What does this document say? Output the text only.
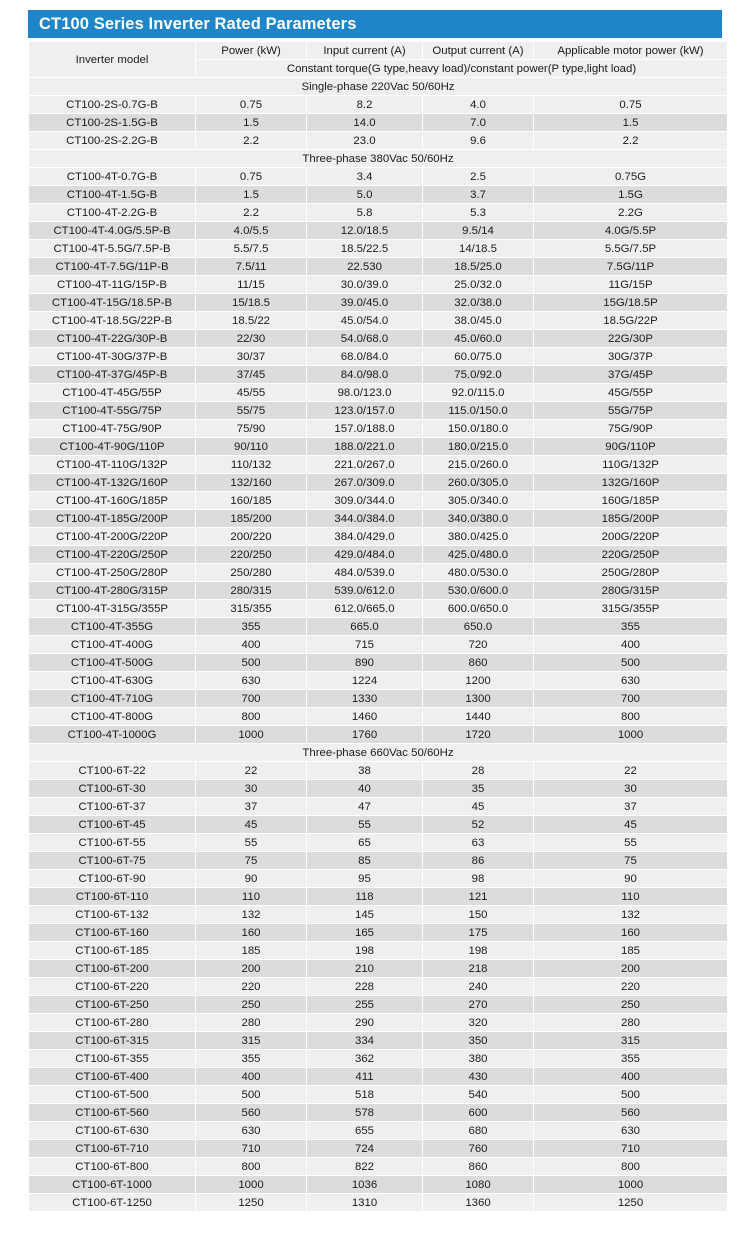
CT100 Series Inverter Rated Parameters
Inverter model	Power (kW)	Input current (A)	Output current (A)	Applicable motor power (kW)
	Constant torque(G type,heavy load)/constant power(P type,light load)			
Single-phase 220Vac 50/60Hz				
CT100-2S-0.7G-B	0.75	8.2	4.0	0.75
CT100-2S-1.5G-B	1.5	14.0	7.0	1.5
CT100-2S-2.2G-B	2.2	23.0	9.6	2.2
Three-phase 380Vac 50/60Hz				
CT100-4T-0.7G-B	0.75	3.4	2.5	0.75G
CT100-4T-1.5G-B	1.5	5.0	3.7	1.5G
CT100-4T-2.2G-B	2.2	5.8	5.3	2.2G
CT100-4T-4.0G/5.5P-B	4.0/5.5	12.0/18.5	9.5/14	4.0G/5.5P
CT100-4T-5.5G/7.5P-B	5.5/7.5	18.5/22.5	14/18.5	5.5G/7.5P
CT100-4T-7.5G/11P-B	7.5/11	22.530	18.5/25.0	7.5G/11P
CT100-4T-11G/15P-B	11/15	30.0/39.0	25.0/32.0	11G/15P
CT100-4T-15G/18.5P-B	15/18.5	39.0/45.0	32.0/38.0	15G/18.5P
CT100-4T-18.5G/22P-B	18.5/22	45.0/54.0	38.0/45.0	18.5G/22P
CT100-4T-22G/30P-B	22/30	54.0/68.0	45.0/60.0	22G/30P
CT100-4T-30G/37P-B	30/37	68.0/84.0	60.0/75.0	30G/37P
CT100-4T-37G/45P-B	37/45	84.0/98.0	75.0/92.0	37G/45P
CT100-4T-45G/55P	45/55	98.0/123.0	92.0/115.0	45G/55P
CT100-4T-55G/75P	55/75	123.0/157.0	115.0/150.0	55G/75P
CT100-4T-75G/90P	75/90	157.0/188.0	150.0/180.0	75G/90P
CT100-4T-90G/110P	90/110	188.0/221.0	180.0/215.0	90G/110P
CT100-4T-110G/132P	110/132	221.0/267.0	215.0/260.0	110G/132P
CT100-4T-132G/160P	132/160	267.0/309.0	260.0/305.0	132G/160P
CT100-4T-160G/185P	160/185	309.0/344.0	305.0/340.0	160G/185P
CT100-4T-185G/200P	185/200	344.0/384.0	340.0/380.0	185G/200P
CT100-4T-200G/220P	200/220	384.0/429.0	380.0/425.0	200G/220P
CT100-4T-220G/250P	220/250	429.0/484.0	425.0/480.0	220G/250P
CT100-4T-250G/280P	250/280	484.0/539.0	480.0/530.0	250G/280P
CT100-4T-280G/315P	280/315	539.0/612.0	530.0/600.0	280G/315P
CT100-4T-315G/355P	315/355	612.0/665.0	600.0/650.0	315G/355P
CT100-4T-355G	355	665.0	650.0	355
CT100-4T-400G	400	715	720	400
CT100-4T-500G	500	890	860	500
CT100-4T-630G	630	1224	1200	630
CT100-4T-710G	700	1330	1300	700
CT100-4T-800G	800	1460	1440	800
CT100-4T-1000G	1000	1760	1720	1000
Three-phase 660Vac 50/60Hz				
CT100-6T-22	22	38	28	22
CT100-6T-30	30	40	35	30
CT100-6T-37	37	47	45	37
CT100-6T-45	45	55	52	45
CT100-6T-55	55	65	63	55
CT100-6T-75	75	85	86	75
CT100-6T-90	90	95	98	90
CT100-6T-110	110	118	121	110
CT100-6T-132	132	145	150	132
CT100-6T-160	160	165	175	160
CT100-6T-185	185	198	198	185
CT100-6T-200	200	210	218	200
CT100-6T-220	220	228	240	220
CT100-6T-250	250	255	270	250
CT100-6T-280	280	290	320	280
CT100-6T-315	315	334	350	315
CT100-6T-355	355	362	380	355
CT100-6T-400	400	411	430	400
CT100-6T-500	500	518	540	500
CT100-6T-560	560	578	600	560
CT100-6T-630	630	655	680	630
CT100-6T-710	710	724	760	710
CT100-6T-800	800	822	860	800
CT100-6T-1000	1000	1036	1080	1000
CT100-6T-1250	1250	1310	1360	1250
